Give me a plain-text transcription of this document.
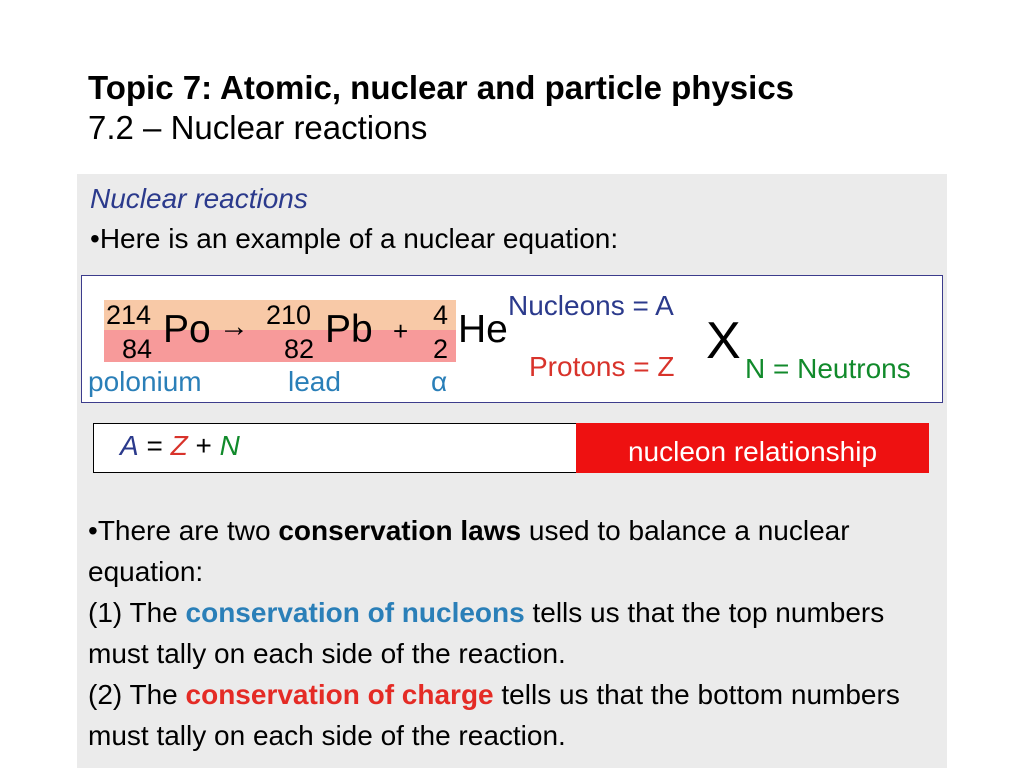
Topic 7: Atomic, nuclear and particle physics
7.2 – Nuclear reactions
Nuclear reactions
•Here is an example of a nuclear equation:
214
84 Po → 210
82 Pb +
4
2 He
polonium	lead	α
Nucleons = A
Protons = Z X N = Neutrons
A = Z + N	nucleon relationship
•There are two conservation laws used to balance a nuclear equation:
(1) The conservation of nucleons tells us that the top numbers must tally on each side of the reaction.
(2) The conservation of charge tells us that the bottom numbers must tally on each side of the reaction.
